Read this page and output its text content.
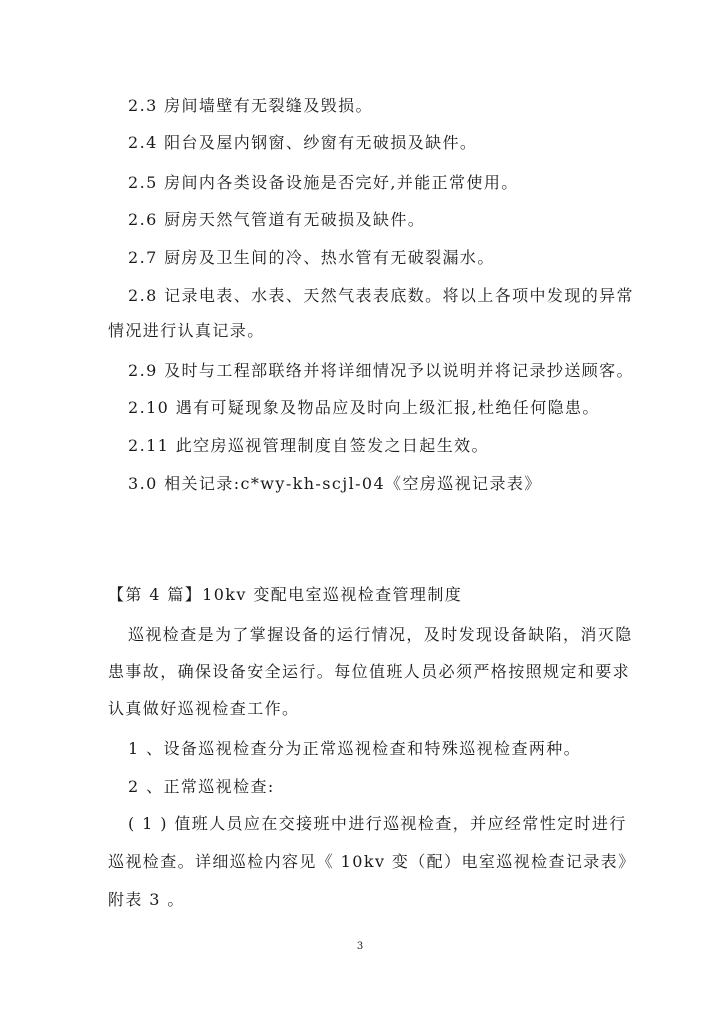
2.3 房间墙壁有无裂缝及毁损。
2.4 阳台及屋内钢窗、纱窗有无破损及缺件。
2.5 房间内各类设备设施是否完好,并能正常使用。
2.6 厨房天然气管道有无破损及缺件。
2.7 厨房及卫生间的冷、热水管有无破裂漏水。
2.8 记录电表、水表、天然气表表底数。将以上各项中发现的异常
情况进行认真记录。
2.9 及时与工程部联络并将详细情况予以说明并将记录抄送顾客。
2.10 遇有可疑现象及物品应及时向上级汇报,杜绝任何隐患。
2.11 此空房巡视管理制度自签发之日起生效。
3.0 相关记录:c*wy-kh-scjl-04《空房巡视记录表》
【第 4 篇】10kv 变配电室巡视检查管理制度
巡视检查是为了掌握设备的运行情况，及时发现设备缺陷，消灭隐
患事故，确保设备安全运行。每位值班人员必须严格按照规定和要求
认真做好巡视检查工作。
1 、设备巡视检查分为正常巡视检查和特殊巡视检查两种。
2 、正常巡视检查:
( 1 ) 值班人员应在交接班中进行巡视检查，并应经常性定时进行
巡视检查。详细巡检内容见《 10kv 变（配）电室巡视检查记录表》
附表 3 。
3
